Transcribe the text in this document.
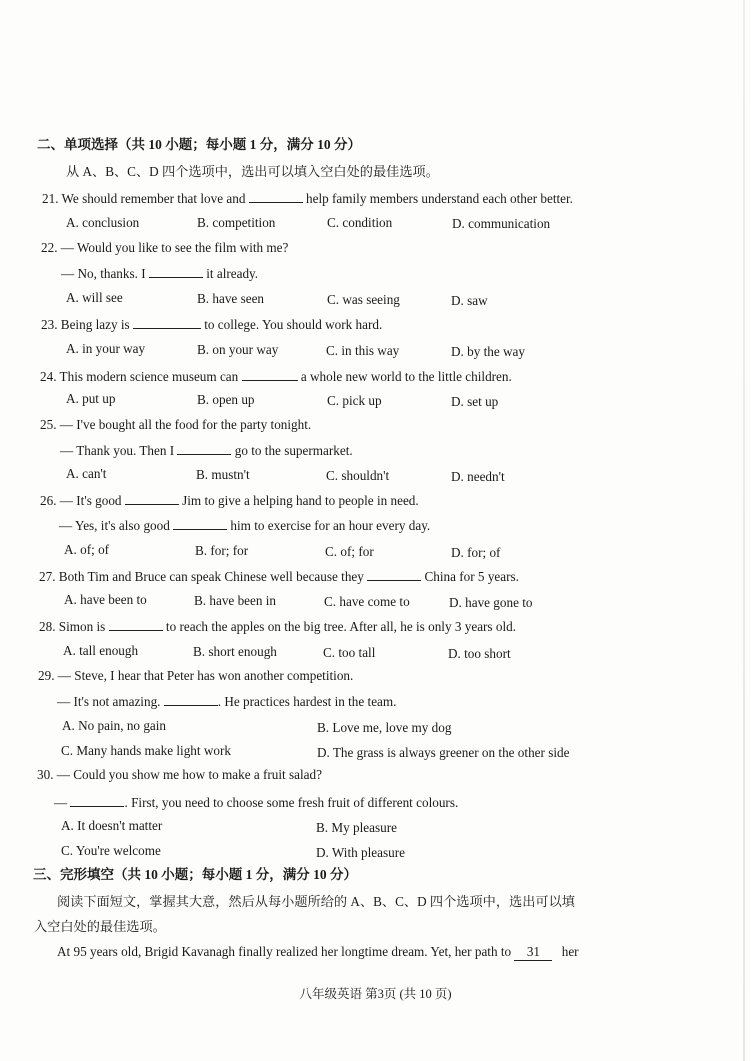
二、单项选择（共 10 小题；每小题 1 分，满分 10 分）
从 A、B、C、D 四个选项中，选出可以填入空白处的最佳选项。
21. We should remember that love and	help family members understand each other better.
A. conclusion	B. competition	C. condition	D. communication
22. — Would you like to see the film with me?
— No, thanks. I	it already.
A. will see	B. have seen	C. was seeing	D. saw
23. Being lazy is	to college. You should work hard.
A. in your way	B. on your way	C. in this way	D. by the way
24. This modern science museum can	a whole new world to the little children.
A. put up	B. open up	C. pick up	D. set up
25. — I've bought all the food for the party tonight.
— Thank you. Then I	go to the supermarket.
A. can't	B. mustn't	C. shouldn't	D. needn't
26. — It's good	Jim to give a helping hand to people in need.
— Yes, it's also good	him to exercise for an hour every day.
A. of; of	B. for; for	C. of; for	D. for; of
27. Both Tim and Bruce can speak Chinese well because they	China for 5 years.
A. have been to	B. have been in	C. have come to	D. have gone to
28. Simon is	to reach the apples on the big tree. After all, he is only 3 years old.
A. tall enough	B. short enough	C. too tall	D. too short
29. — Steve, I hear that Peter has won another competition.
— It's not amazing.	. He practices hardest in the team.
A. No pain, no gain	B. Love me, love my dog
C. Many hands make light work	D. The grass is always greener on the other side
30. — Could you show me how to make a fruit salad?
—	. First, you need to choose some fresh fruit of different colours.
A. It doesn't matter	B. My pleasure
C. You're welcome	D. With pleasure
三、完形填空（共 10 小题；每小题 1 分，满分 10 分）
阅读下面短文，掌握其大意，然后从每小题所给的 A、B、C、D 四个选项中，选出可以填
入空白处的最佳选项。
At 95 years old, Brigid Kavanagh finally realized her longtime dream. Yet, her path to 31 her
八年级英语 第3页 (共 10 页)
